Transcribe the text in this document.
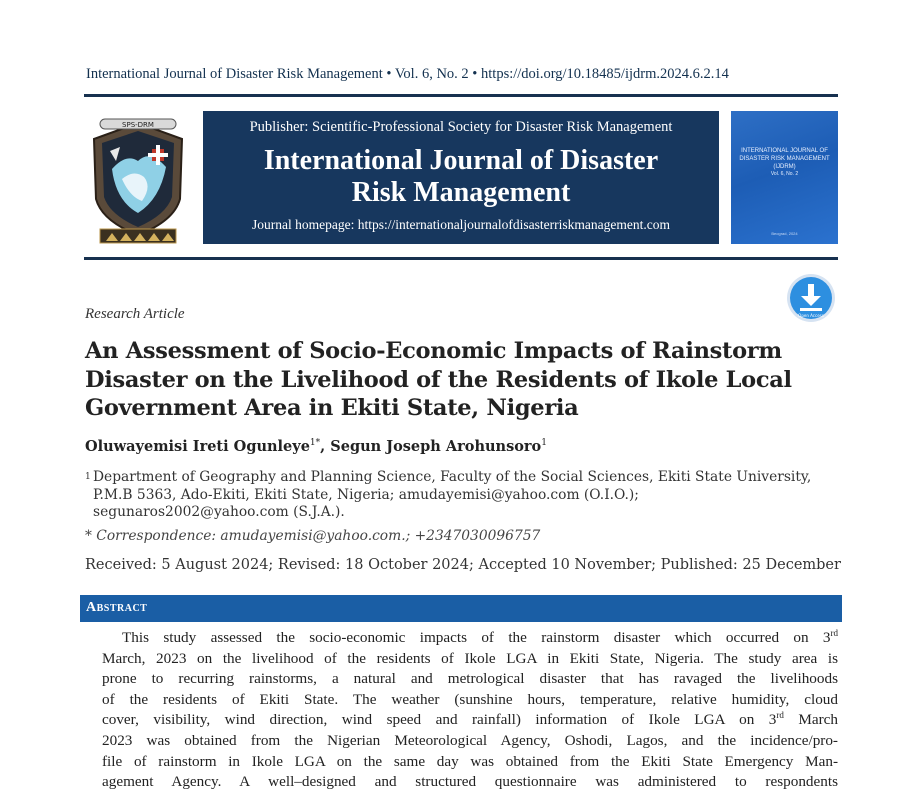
International Journal of Disaster Risk Management • Vol. 6, No. 2 • https://doi.org/10.18485/ijdrm.2024.6.2.14
SPS-DRM	Publisher: Scientific-Professional Society for Disaster Risk Management
International Journal of Disaster
Risk Management
Journal homepage: https://internationaljournalofdisasterriskmanagement.com
INTERNATIONAL JOURNAL OF DISASTER RISK MANAGEMENT (IJDRM)
Vol. 6, No. 2
Beograd, 2024
Open Access
Research Article
An Assessment of Socio-Economic Impacts of Rainstorm Disaster on the Livelihood of the Residents of Ikole Local Government Area in Ekiti State, Nigeria
Oluwayemisi Ireti Ogunleye$^{1*}$, Segun Joseph Arohunsoro$^1$
1 Department of Geography and Planning Science, Faculty of the Social Sciences, Ekiti State University, P.M.B 5363, Ado-Ekiti, Ekiti State, Nigeria; amudayemisi@yahoo.com (O.I.O.); segunaros2002@yahoo.com (S.J.A.).
* Correspondence: amudayemisi@yahoo.com.; +2347030096757
Received: 5 August 2024; Revised: 18 October 2024; Accepted 10 November; Published: 25 December
Abstract
This study assessed the socio-economic impacts of the rainstorm disaster which occurred on 3rd
March, 2023 on the livelihood of the residents of Ikole LGA in Ekiti State, Nigeria. The study area is
prone to recurring rainstorms, a natural and metrological disaster that has ravaged the livelihoods
of the residents of Ekiti State. The weather (sunshine hours, temperature, relative humidity, cloud
cover, visibility, wind direction, wind speed and rainfall) information of Ikole LGA on 3rd March
2023 was obtained from the Nigerian Meteorological Agency, Oshodi, Lagos, and the incidence/pro-
file of rainstorm in Ikole LGA on the same day was obtained from the Ekiti State Emergency Man-
agement Agency. A well–designed and structured questionnaire was administered to respondents
